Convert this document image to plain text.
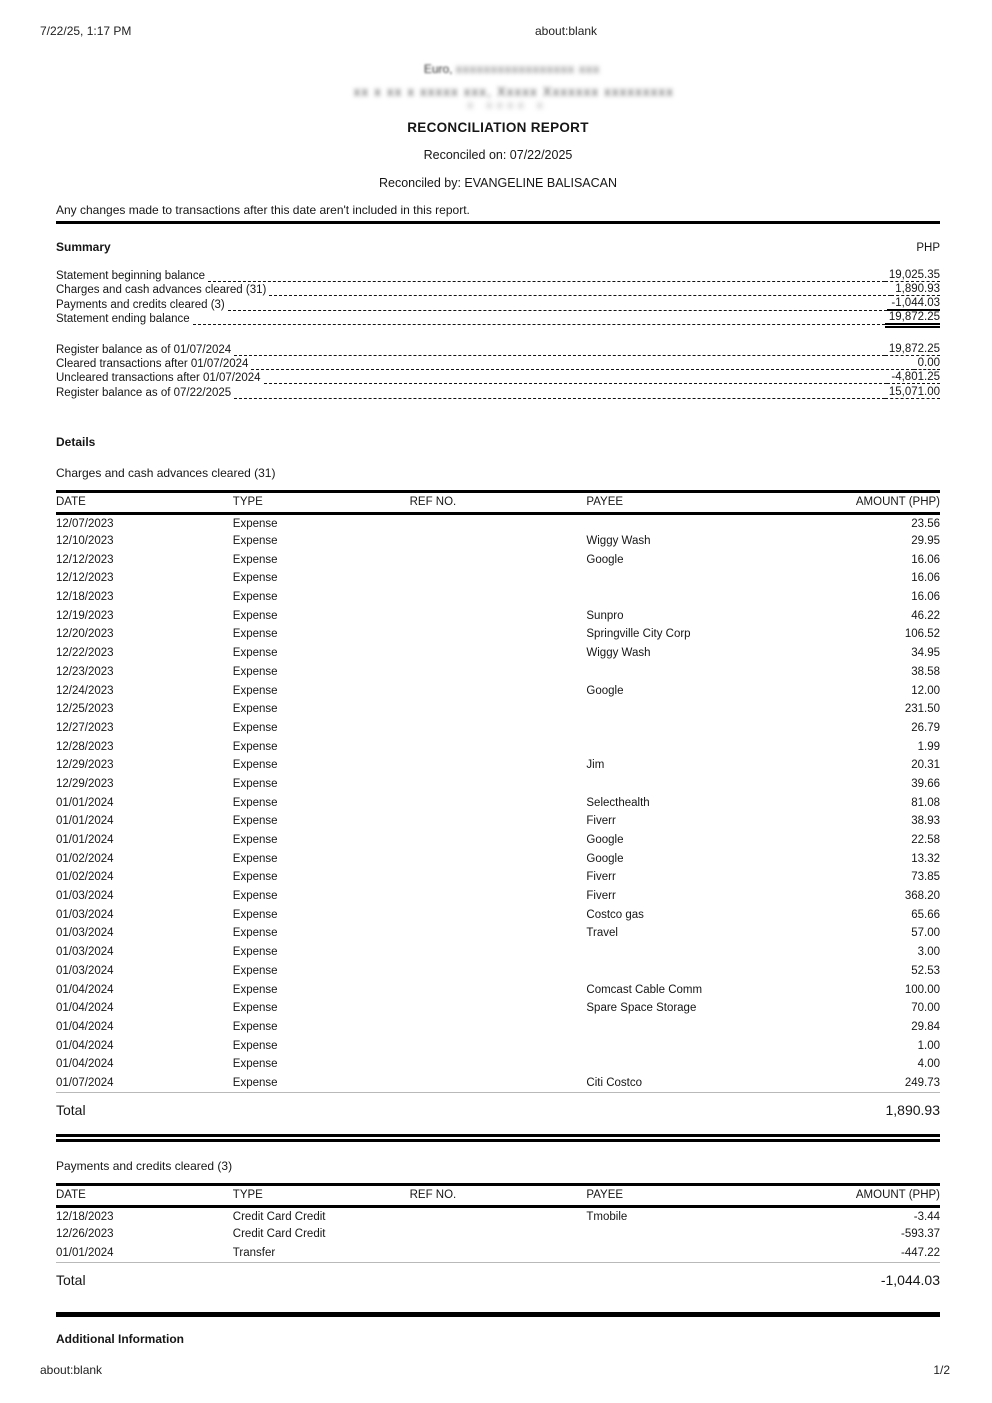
7/22/25, 1:17 PM	about:blank
Euro, xxxxxxxxxxxxxxxxx xxx
xx x xx x xxxxx xxx, Xxxxx Xxxxxxx xxxxxxxxx
x xxxx x
RECONCILIATION REPORT
Reconciled on: 07/22/2025
Reconciled by: EVANGELINE BALISACAN
Any changes made to transactions after this date aren't included in this report.
Summary	PHP
Statement beginning balance	19,025.35
Charges and cash advances cleared (31)	1,890.93
Payments and credits cleared (3)	-1,044.03
Statement ending balance	19,872.25
Register balance as of 01/07/2024	19,872.25
Cleared transactions after 01/07/2024	0.00
Uncleared transactions after 01/07/2024	-4,801.25
Register balance as of 07/22/2025	15,071.00
Details
Charges and cash advances cleared (31)
DATE	TYPE	REF NO.	PAYEE	AMOUNT (PHP)
12/07/2023	Expense			23.56
12/10/2023	Expense		Wiggy Wash	29.95
12/12/2023	Expense		Google	16.06
12/12/2023	Expense			16.06
12/18/2023	Expense			16.06
12/19/2023	Expense		Sunpro	46.22
12/20/2023	Expense		Springville City Corp	106.52
12/22/2023	Expense		Wiggy Wash	34.95
12/23/2023	Expense			38.58
12/24/2023	Expense		Google	12.00
12/25/2023	Expense			231.50
12/27/2023	Expense			26.79
12/28/2023	Expense			1.99
12/29/2023	Expense		Jim	20.31
12/29/2023	Expense			39.66
01/01/2024	Expense		Selecthealth	81.08
01/01/2024	Expense		Fiverr	38.93
01/01/2024	Expense		Google	22.58
01/02/2024	Expense		Google	13.32
01/02/2024	Expense		Fiverr	73.85
01/03/2024	Expense		Fiverr	368.20
01/03/2024	Expense		Costco gas	65.66
01/03/2024	Expense		Travel	57.00
01/03/2024	Expense			3.00
01/03/2024	Expense			52.53
01/04/2024	Expense		Comcast Cable Comm	100.00
01/04/2024	Expense		Spare Space Storage	70.00
01/04/2024	Expense			29.84
01/04/2024	Expense			1.00
01/04/2024	Expense			4.00
01/07/2024	Expense		Citi Costco	249.73
Total	1,890.93
Payments and credits cleared (3)
DATE	TYPE	REF NO.	PAYEE	AMOUNT (PHP)
12/18/2023	Credit Card Credit		Tmobile	-3.44
12/26/2023	Credit Card Credit			-593.37
01/01/2024	Transfer			-447.22
Total	-1,044.03
Additional Information
about:blank	1/2
